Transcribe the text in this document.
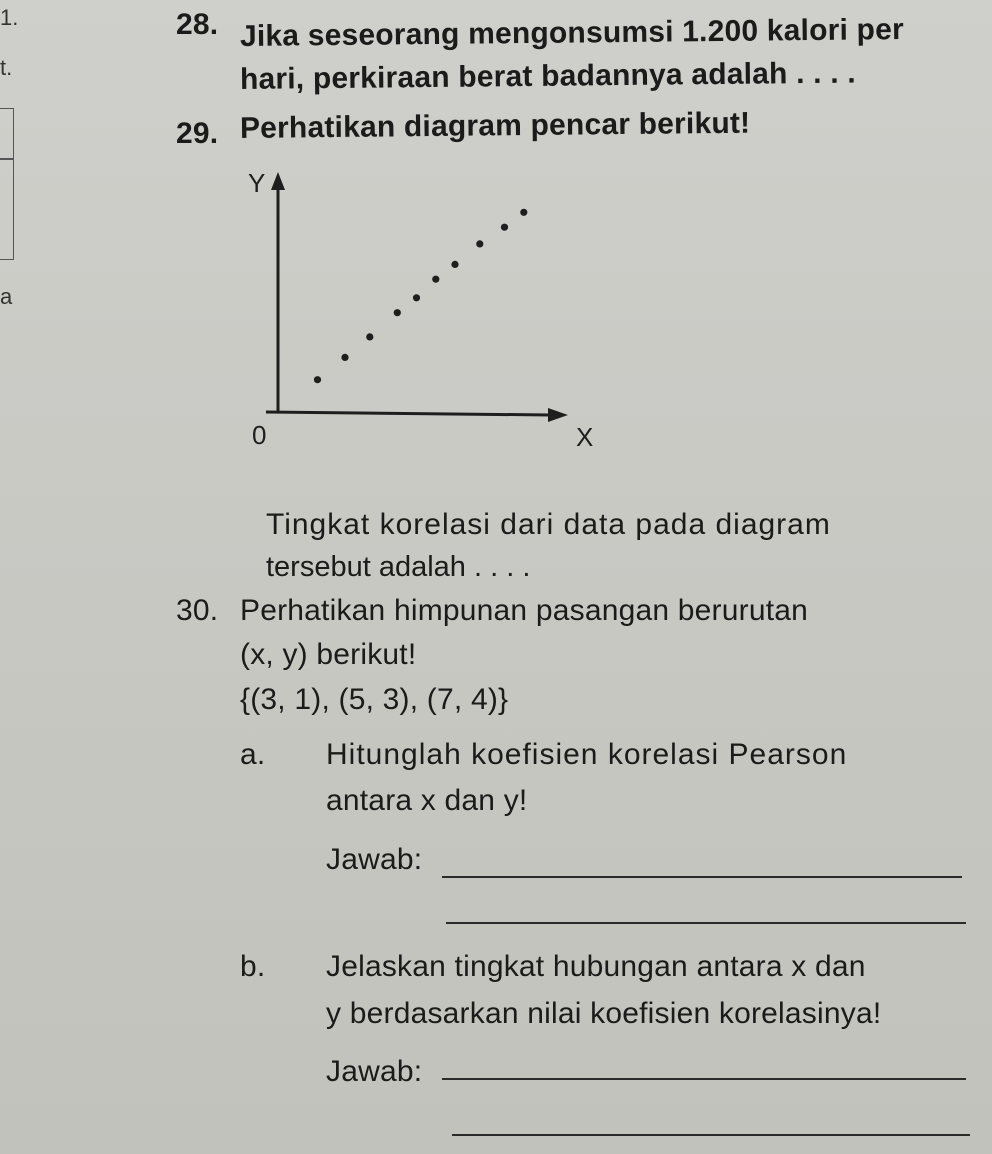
1.
t.
a
28. Jika seseorang mengonsumsi 1.200 kalori per
hari, perkiraan berat badannya adalah . . . .
29. Perhatikan diagram pencar berikut!
Y
X
0
Tingkat korelasi dari data pada diagram
tersebut adalah . . . .
30. Perhatikan himpunan pasangan berurutan
(x, y) berikut!
{(3, 1), (5, 3), (7, 4)}
a. Hitunglah koefisien korelasi Pearson
antara x dan y!
Jawab:
b. Jelaskan tingkat hubungan antara x dan
y berdasarkan nilai koefisien korelasinya!
Jawab:
